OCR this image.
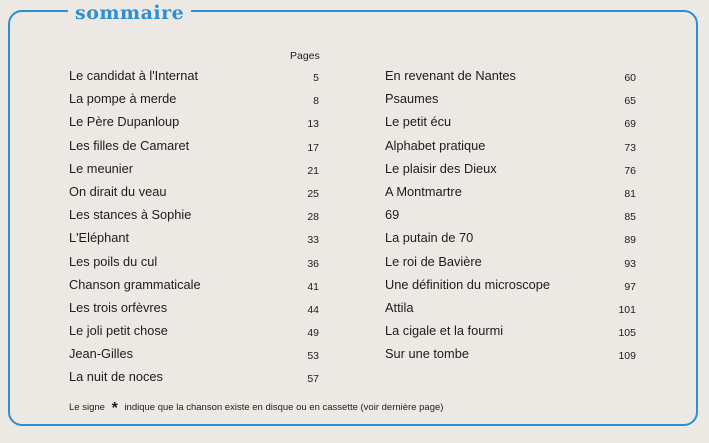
sommaire
Pages
Le candidat à l'Internat	5
La pompe à merde	8
Le Père Dupanloup	13
Les filles de Camaret	17
Le meunier	21
On dirait du veau	25
Les stances à Sophie	28
L'Eléphant	33
Les poils du cul	36
Chanson grammaticale	41
Les trois orfèvres	44
Le joli petit chose	49
Jean-Gilles	53
La nuit de noces	57
En revenant de Nantes	60
Psaumes	65
Le petit écu	69
Alphabet pratique	73
Le plaisir des Dieux	76
A Montmartre	81
69	85
La putain de 70	89
Le roi de Bavière	93
Une définition du microscope	97
Attila	101
La cigale et la fourmi	105
Sur une tombe	109
Le signe * indique que la chanson existe en disque ou en cassette (voir dernière page)
